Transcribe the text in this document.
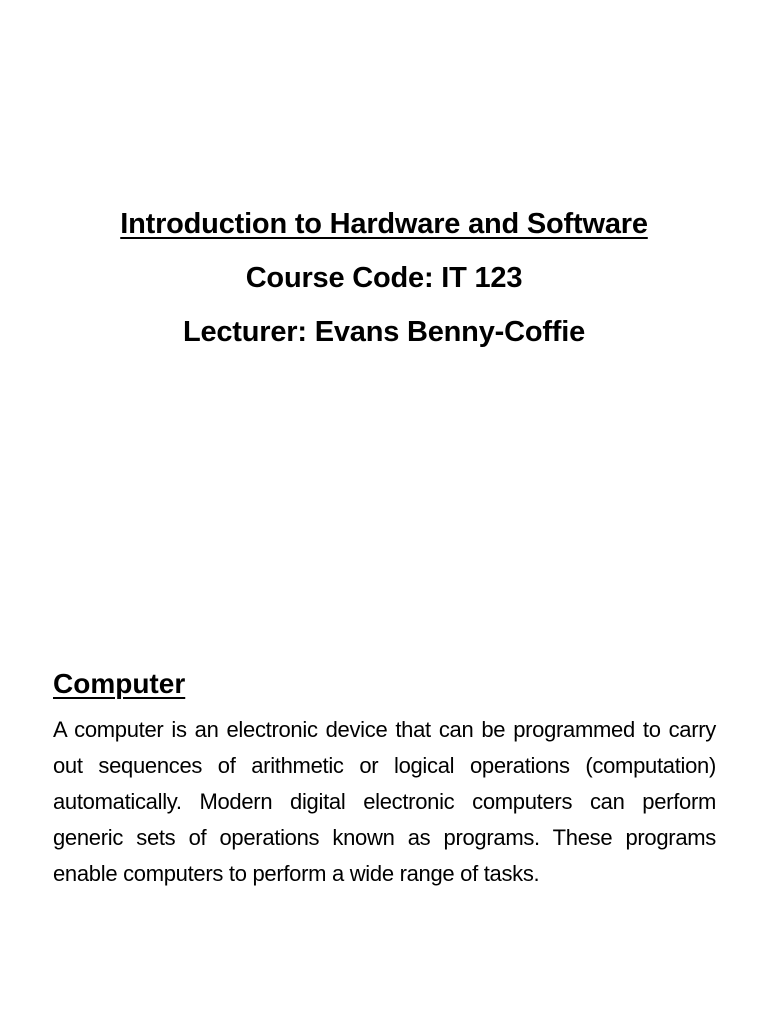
Introduction to Hardware and Software

Course Code: IT 123

Lecturer: Evans Benny-Coffie

Computer

A computer is an electronic device that can be programmed to carry out sequences of arithmetic or logical operations (computation) automatically. Modern digital electronic computers can perform generic sets of operations known as programs. These programs enable computers to perform a wide range of tasks.
